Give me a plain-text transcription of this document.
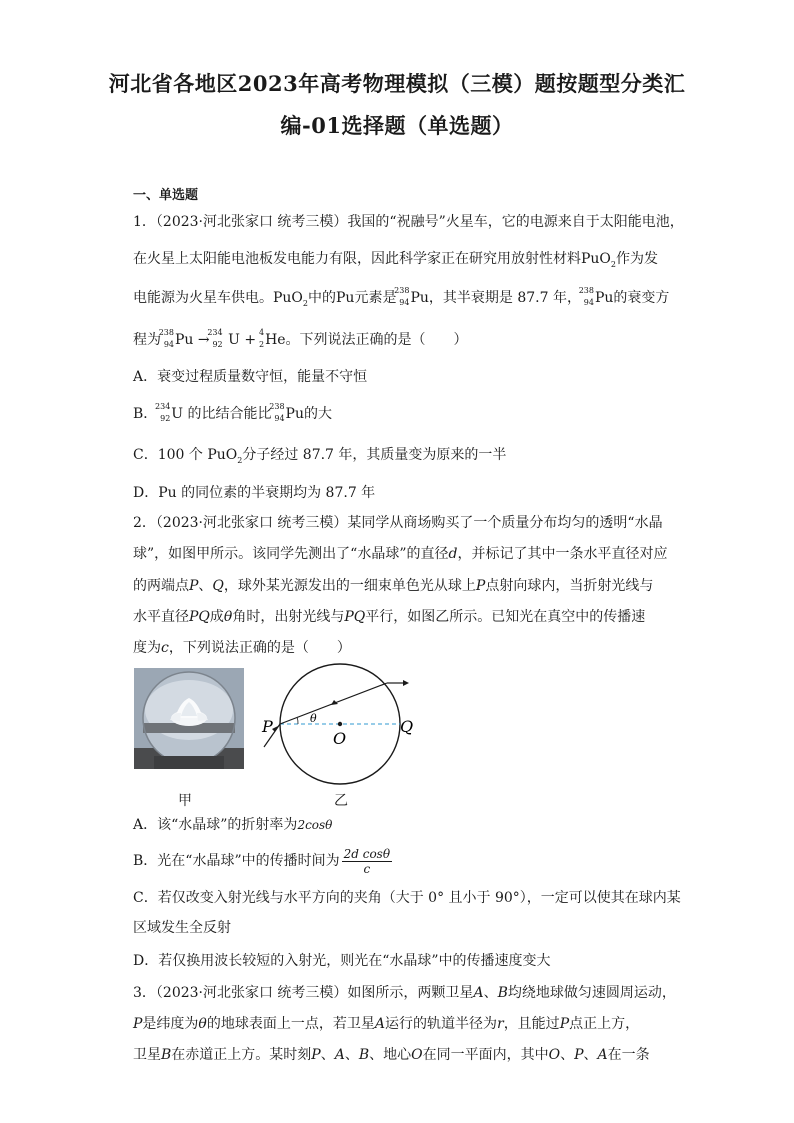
河北省各地区2023年高考物理模拟（三模）题按题型分类汇
编-01选择题（单选题）
一、单选题
1．（2023·河北张家口 统考三模）我国的“祝融号”火星车，它的电源来自于太阳能电池，
在火星上太阳能电池板发电能力有限，因此科学家正在研究用放射性材料PuO$_2$作为发
电能源为火星车供电。PuO$_2$中的Pu元素是
238
94 Pu，其半衰期是 87.7 年，
238
94 Pu的衰变方
程为
238
94 Pu →
234
92 U + 4
2 He。下列说法正确的是（　　）
A．衰变过程质量数守恒，能量不守恒
B．
234
92 U 的比结合能比
238
94 Pu的大
C．100 个 PuO$_2$分子经过 87.7 年，其质量变为原来的一半
D．Pu 的同位素的半衰期均为 87.7 年
2．（2023·河北张家口 统考三模）某同学从商场购买了一个质量分布均匀的透明“水晶
球”，如图甲所示。该同学先测出了“水晶球”的直径d，并标记了其中一条水平直径对应
的两端点P、Q，球外某光源发出的一细束单色光从球上P点射向球内，当折射光线与
水平直径PQ成θ角时，出射光线与PQ平行，如图乙所示。已知光在真空中的传播速
度为c，下列说法正确的是（　　）
P
O
Q
θ
甲	乙
A．该“水晶球”的折射率为2cosθ
B．光在“水晶球”中的传播时间为 $\frac{\text{2d cosθ}}{c}$
C．若仅改变入射光线与水平方向的夹角（大于 0° 且小于 90°），一定可以使其在球内某
区域发生全反射
D．若仅换用波长较短的入射光，则光在“水晶球”中的传播速度变大
3．（2023·河北张家口 统考三模）如图所示，两颗卫星A、B均绕地球做匀速圆周运动，
P是纬度为θ的地球表面上一点，若卫星A运行的轨道半径为r，且能过P点正上方，
卫星B在赤道正上方。某时刻P、A、B、地心O在同一平面内，其中O、P、A在一条
